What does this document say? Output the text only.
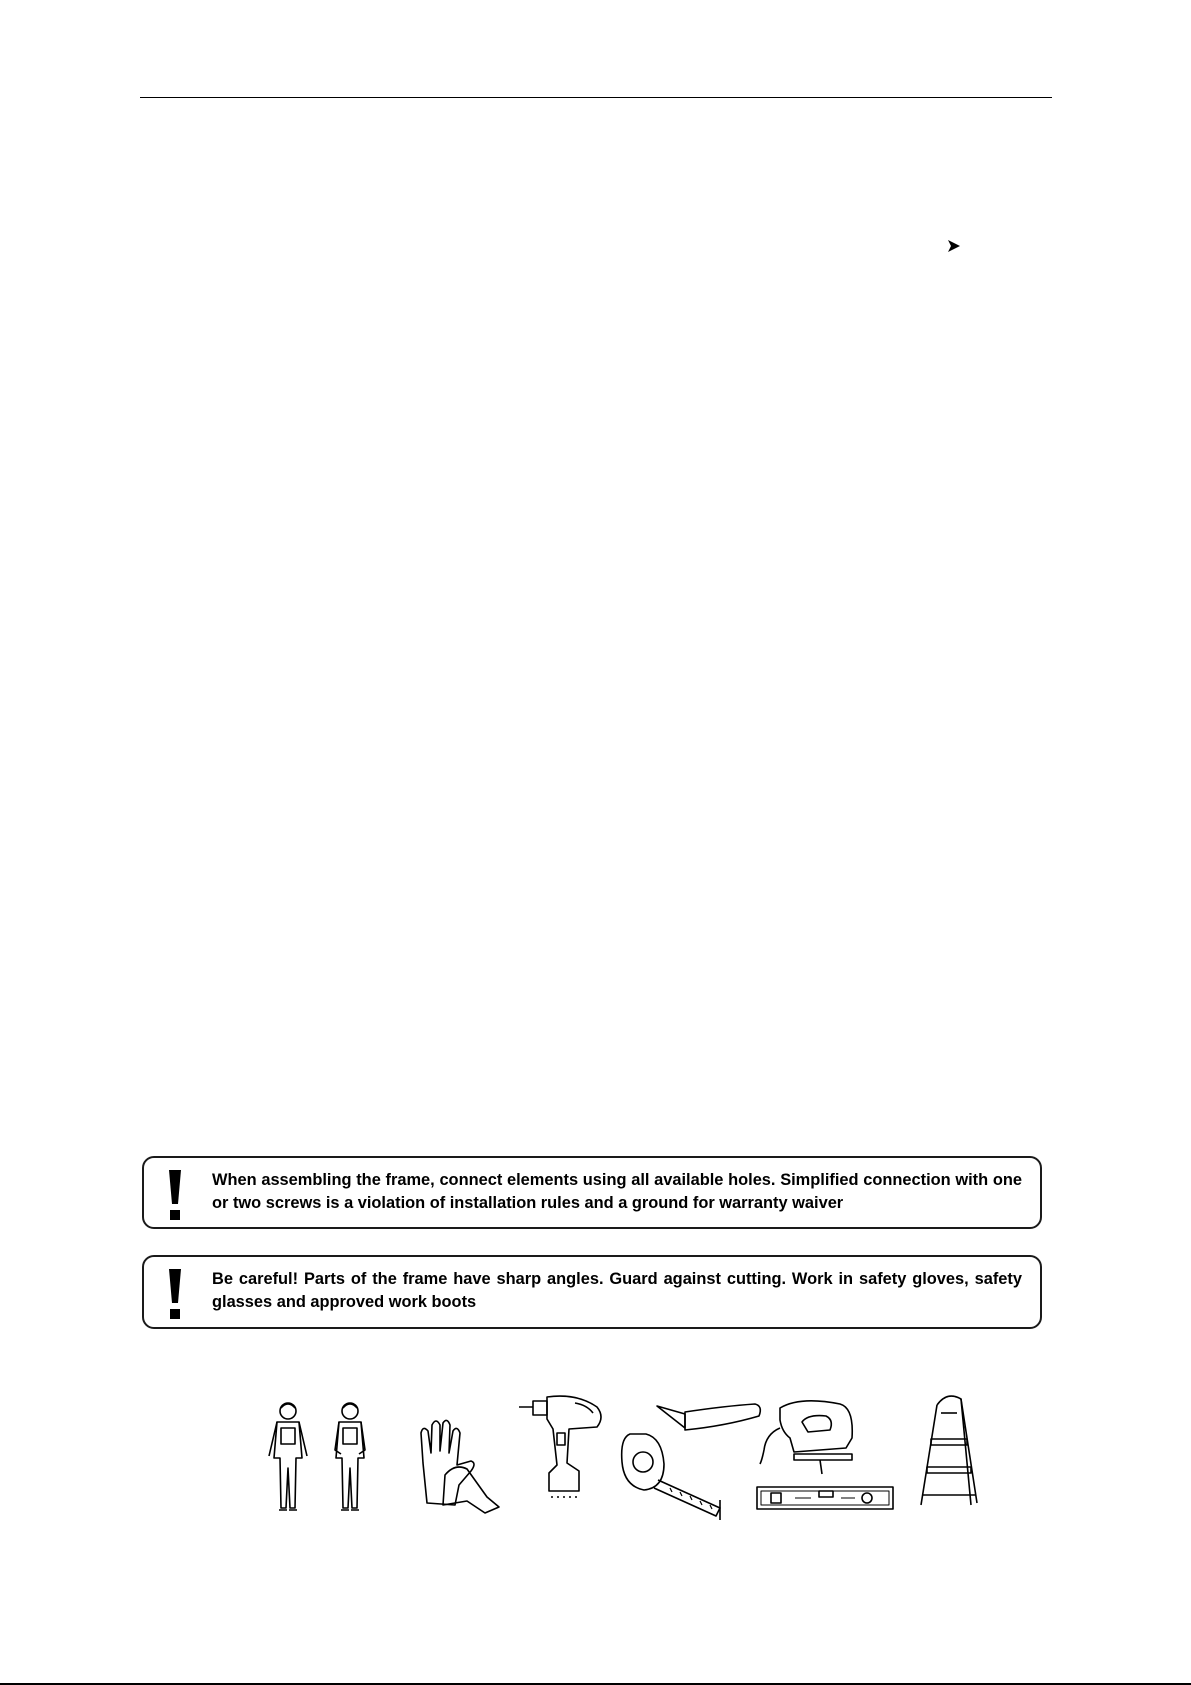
When assembling the frame, connect elements using all available holes. Simplified connection with one or two screws is a violation of installation rules and a ground for warranty waiver
Be careful! Parts of the frame have sharp angles. Guard against cutting. Work in safety gloves, safety glasses and approved work boots
